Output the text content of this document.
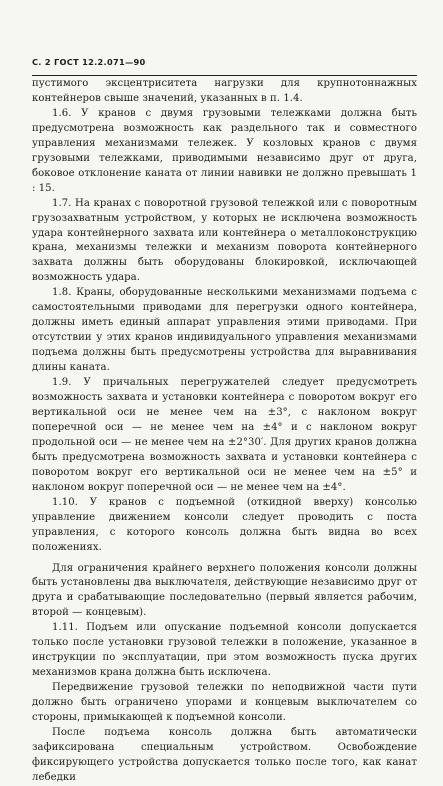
С. 2 ГОСТ 12.2.071—90

пустимого эксцентриситета нагрузки для крупнотоннажных контейнеров свыше значений, указанных в п. 1.4.

1.6. У кранов с двумя грузовыми тележками должна быть предусмотрена возможность как раздельного так и совместного управления механизмами тележек. У козловых кранов с двумя грузовыми тележками, приводимыми независимо друг от друга, боковое отклонение каната от линии навивки не должно превышать 1 : 15.

1.7. На кранах с поворотной грузовой тележкой или с поворотным грузозахватным устройством, у которых не исключена возможность удара контейнерного захвата или контейнера о металлоконструкцию крана, механизмы тележки и механизм поворота контейнерного захвата должны быть оборудованы блокировкой, исключающей возможность удара.

1.8. Краны, оборудованные несколькими механизмами подъема с самостоятельными приводами для перегрузки одного контейнера, должны иметь единый аппарат управления этими приводами. При отсутствии у этих кранов индивидуального управления механизмами подъема должны быть предусмотрены устройства для выравнивания длины каната.

1.9. У причальных перегружателей следует предусмотреть возможность захвата и установки контейнера с поворотом вокруг его вертикальной оси не менее чем на ±3°, с наклоном вокруг поперечной оси — не менее чем на ±4° и с наклоном вокруг продольной оси — не менее чем на ±2°30′. Для других кранов должна быть предусмотрена возможность захвата и установки контейнера с поворотом вокруг его вертикальной оси не менее чем на ±5° и наклоном вокруг поперечной оси — не менее чем на ±4°.

1.10. У кранов с подъемной (откидной вверху) консолью управление движением консоли следует проводить с поста управления, с которого консоль должна быть видна во всех положениях.

Для ограничения крайнего верхнего положения консоли должны быть установлены два выключателя, действующие независимо друг от друга и срабатывающие последовательно (первый является рабочим, второй — концевым).

1.11. Подъем или опускание подъемной консоли допускается только после установки грузовой тележки в положение, указанное в инструкции по эксплуатации, при этом возможность пуска других механизмов крана должна быть исключена.

Передвижение грузовой тележки по неподвижной части пути должно быть ограничено упорами и концевым выключателем со стороны, примыкающей к подъемной консоли.

После подъема консоль должна быть автоматически зафиксирована специальным устройством. Освобождение фиксирующего устройства допускается только после того, как канат лебедки
